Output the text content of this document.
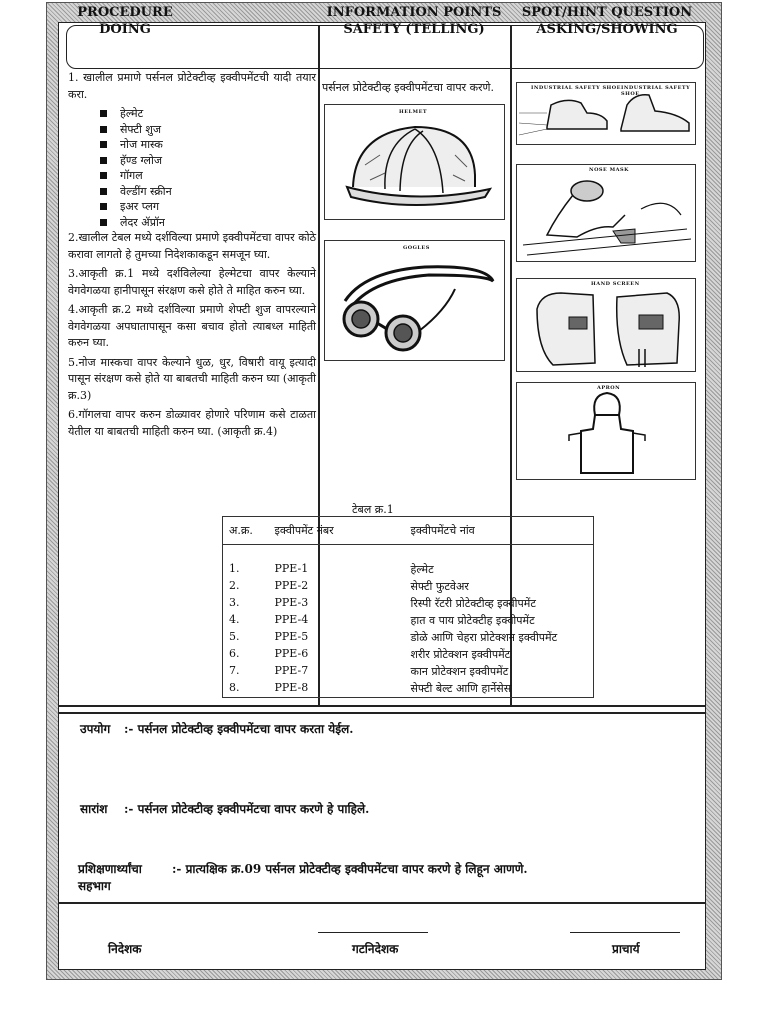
PROCEDURE
DOING
INFORMATION POINTS
SAFETY (TELLING)
SPOT/HINT QUESTION
ASKING/SHOWING

1. खालील प्रमाणे पर्सनल प्रोटेक्टीव्ह इक्वीपमेंटची यादी तयार करा.

हेल्मेट
सेफ्टी शुज
नोज मास्क
हॅण्ड ग्लोज
गॉगल
वेल्डींग स्क्रीन
इअर प्लग
लेदर ॲप्रॉन

2.खालील टेबल मध्ये दर्शविल्या प्रमाणे इक्वीपमेंटचा वापर कोठे करावा लागतो हे तुमच्या निदेशकाकडून समजून घ्या.

3.आकृती क्र.1 मध्ये दर्शविलेल्या हेल्मेटचा वापर केल्याने वेगवेगळया हानीपासून संरक्षण कसे होते ते माहित करुन घ्या.

4.आकृती क्र.2 मध्ये दर्शविल्या प्रमाणे शेफ्टी शुज वापरल्याने वेगवेगळया अपघातापासून कसा बचाव होतो त्याबध्ल माहिती करुन घ्या.

5.नोज मास्कचा वापर केल्याने धुळ, धुर, विषारी वायू इत्यादी पासून संरक्षण कसे होते या बाबतची माहिती करुन घ्या (आकृती क्र.3)

6.गॉगलचा वापर करुन डोळ्यावर होणारे परिणाम कसे टाळता येतील या बाबतची माहिती करुन घ्या. (आकृती क्र.4)

पर्सनल प्रोटेक्टीव्ह इक्वीपमेंटचा वापर करणे.
HELMET
GOGLES
INDUSTRIAL SAFETY SHOE INDUSTRIAL SAFETY SHOE
NOSE MASK
HAND SCREEN
APRON
टेबल क्र.1
अ.क्र.	इक्वीपमेंट नंबर	इक्वीपमेंटचे नांव

1.	PPE-1	हेल्मेट
2.	PPE-2	सेफ्टी फुटवेअर
3.	PPE-3	रिस्पी रॅटरी प्रोटेक्टीव्ह इक्वीपमेंट
4.	PPE-4	हात व पाय प्रोटेक्टीह इक्वीपमेंट
5.	PPE-5	डोळे आणि चेहरा प्रोटेक्शन इक्वीपमेंट
6.	PPE-6	शरीर प्रोटेक्शन इक्वीपमेंट
7.	PPE-7	कान प्रोटेक्शन इक्वीपमेंट
8.	PPE-8	सेफ्टी बेल्ट आणि हार्नेसेस
उपयोग :- पर्सनल प्रोटेक्टीव्ह इक्वीपमेंटचा वापर करता येईल.
सारांश :- पर्सनल प्रोटेक्टीव्ह इक्वीपमेंटचा वापर करणे हे पाहिले.
प्रशिक्षणार्थ्यांचा
सहभाग
:- प्रात्यक्षिक क्र.09 पर्सनल प्रोटेक्टीव्ह इक्वीपमेंटचा वापर करणे हे लिहून आणणे.
निदेशक	गटनिदेशक	प्राचार्य
